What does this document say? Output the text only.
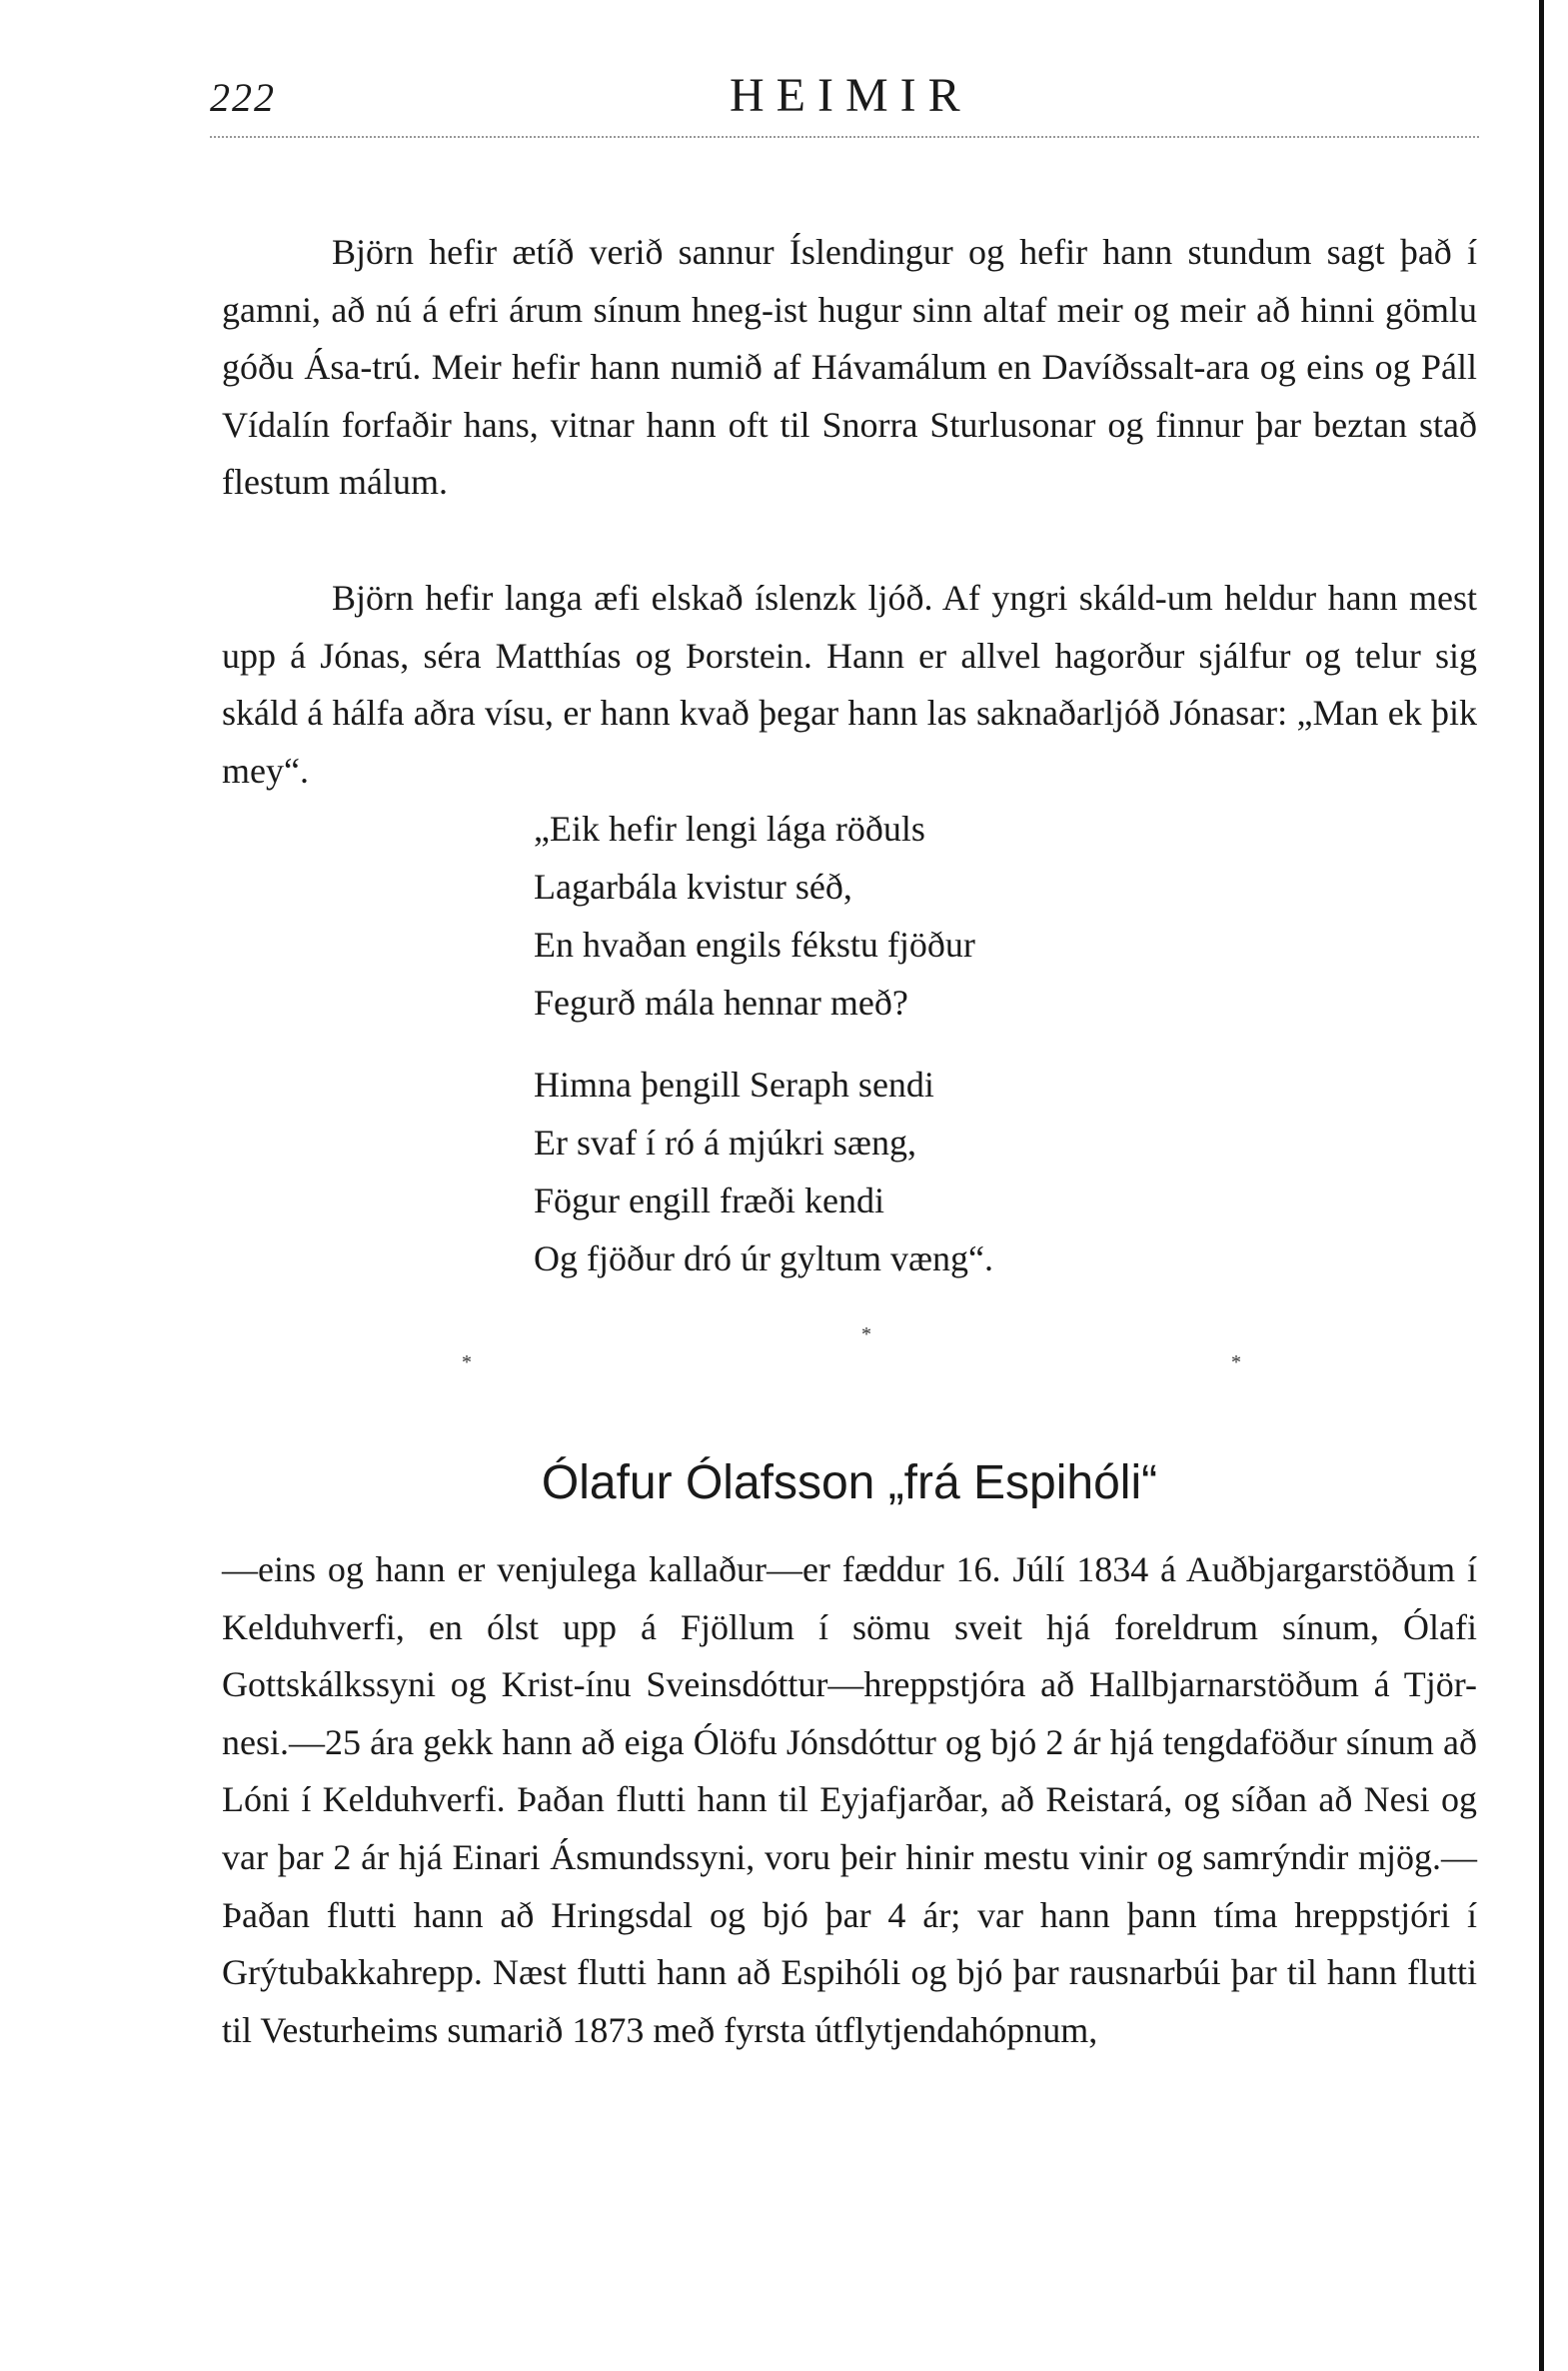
222	HEIMIR

Björn hefir ætíð verið sannur Íslendingur og hefir hann stundum sagt það í gamni, að nú á efri árum sínum hneg-ist hugur sinn altaf meir og meir að hinni gömlu góðu Ása-trú. Meir hefir hann numið af Hávamálum en Davíðssalt-ara og eins og Páll Vídalín forfaðir hans, vitnar hann oft til Snorra Sturlusonar og finnur þar beztan stað flestum málum.

Björn hefir langa æfi elskað íslenzk ljóð. Af yngri skáld-um heldur hann mest upp á Jónas, séra Matthías og Þorstein. Hann er allvel hagorður sjálfur og telur sig skáld á hálfa aðra vísu, er hann kvað þegar hann las saknaðarljóð Jónasar: „Man ek þik mey“.

„Eik hefir lengi lága röðuls
Lagarbála kvistur séð,
En hvaðan engils fékstu fjöður
Fegurð mála hennar með?
Himna þengill Seraph sendi
Er svaf í ró á mjúkri sæng,
Fögur engill fræði kendi
Og fjöður dró úr gyltum væng“.
*
*
*
Ólafur Ólafsson „frá Espihóli“

—eins og hann er venjulega kallaður—er fæddur 16. Júlí 1834 á Auðbjargarstöðum í Kelduhverfi, en ólst upp á Fjöllum í sömu sveit hjá foreldrum sínum, Ólafi Gottskálkssyni og Krist-ínu Sveinsdóttur—hreppstjóra að Hallbjarnarstöðum á Tjör-nesi.—25 ára gekk hann að eiga Ólöfu Jónsdóttur og bjó 2 ár hjá tengdaföður sínum að Lóni í Kelduhverfi. Þaðan flutti hann til Eyjafjarðar, að Reistará, og síðan að Nesi og var þar 2 ár hjá Einari Ásmundssyni, voru þeir hinir mestu vinir og samrýndir mjög.—Þaðan flutti hann að Hringsdal og bjó þar 4 ár; var hann þann tíma hreppstjóri í Grýtubakkahrepp. Næst flutti hann að Espihóli og bjó þar rausnarbúi þar til hann flutti til Vesturheims sumarið 1873 með fyrsta útflytjendahópnum,
